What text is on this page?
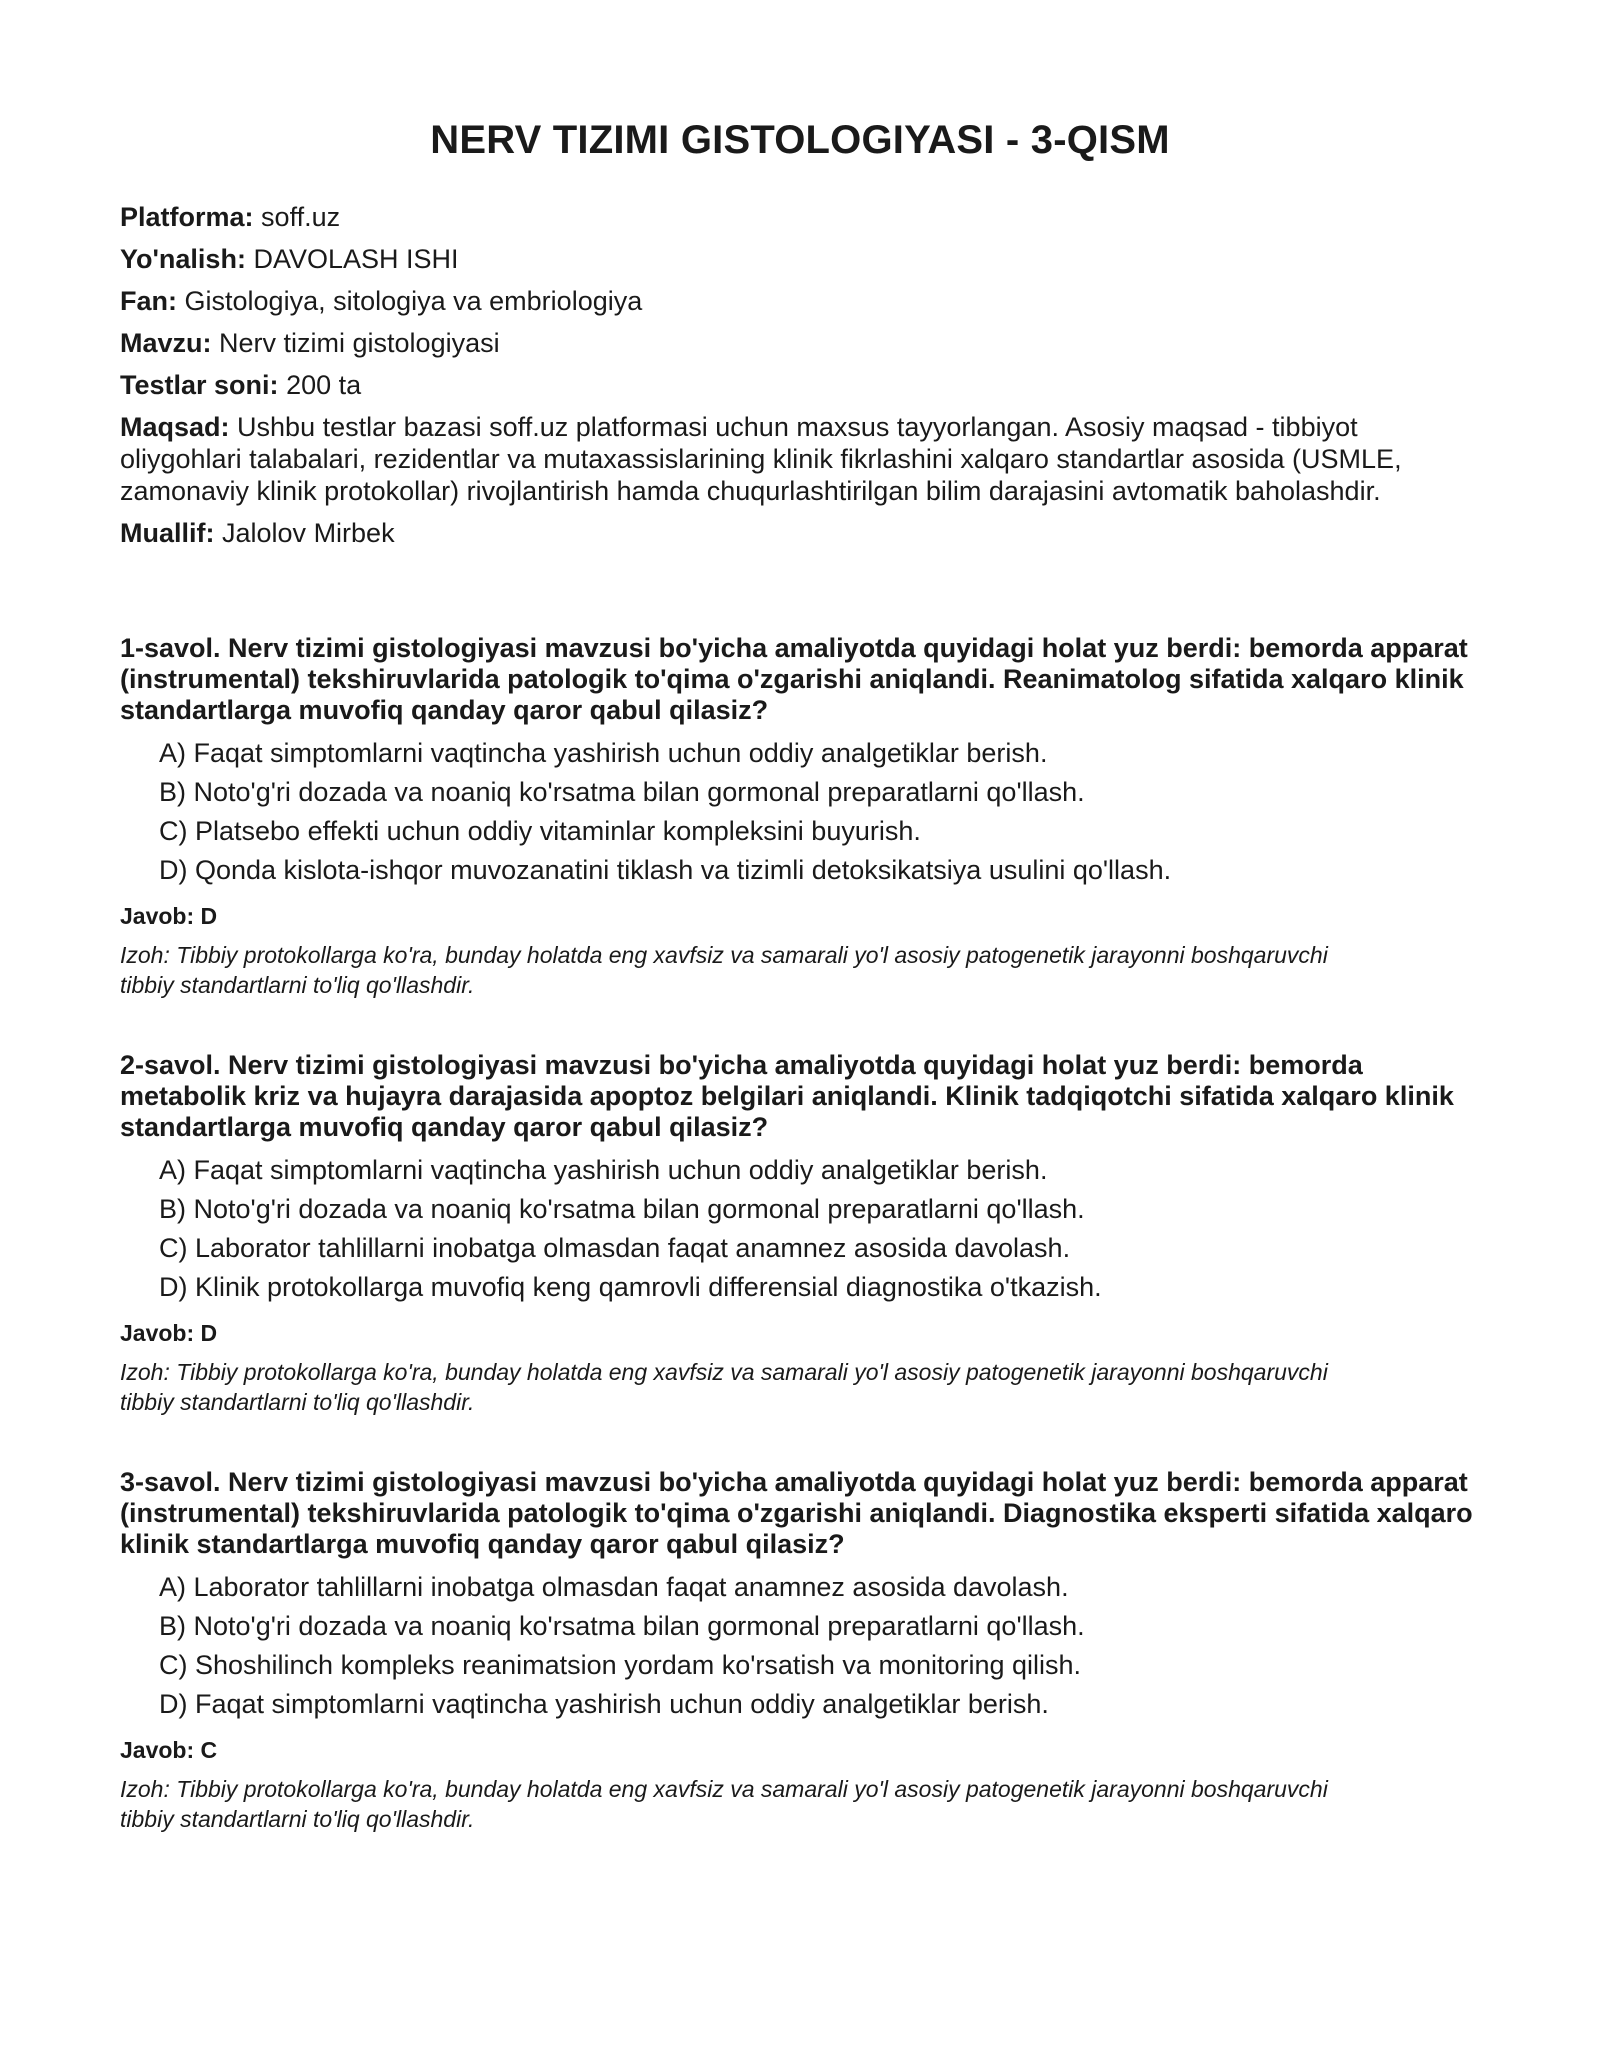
NERV TIZIMI GISTOLOGIYASI - 3-QISM
Platforma: soff.uz
Yo'nalish: DAVOLASH ISHI
Fan: Gistologiya, sitologiya va embriologiya
Mavzu: Nerv tizimi gistologiyasi
Testlar soni: 200 ta
Maqsad: Ushbu testlar bazasi soff.uz platformasi uchun maxsus tayyorlangan. Asosiy maqsad - tibbiyot oliygohlari talabalari, rezidentlar va mutaxassislarining klinik fikrlashini xalqaro standartlar asosida (USMLE, zamonaviy klinik protokollar) rivojlantirish hamda chuqurlashtirilgan bilim darajasini avtomatik baholashdir.
Muallif: Jalolov Mirbek
1-savol. Nerv tizimi gistologiyasi mavzusi bo'yicha amaliyotda quyidagi holat yuz berdi: bemorda apparat (instrumental) tekshiruvlarida patologik to'qima o'zgarishi aniqlandi. Reanimatolog sifatida xalqaro klinik standartlarga muvofiq qanday qaror qabul qilasiz?
A) Faqat simptomlarni vaqtincha yashirish uchun oddiy analgetiklar berish.
B) Noto'g'ri dozada va noaniq ko'rsatma bilan gormonal preparatlarni qo'llash.
C) Platsebo effekti uchun oddiy vitaminlar kompleksini buyurish.
D) Qonda kislota-ishqor muvozanatini tiklash va tizimli detoksikatsiya usulini qo'llash.
Javob: D
Izoh: Tibbiy protokollarga ko'ra, bunday holatda eng xavfsiz va samarali yo'l asosiy patogenetik jarayonni boshqaruvchi tibbiy standartlarni to'liq qo'llashdir.
2-savol. Nerv tizimi gistologiyasi mavzusi bo'yicha amaliyotda quyidagi holat yuz berdi: bemorda metabolik kriz va hujayra darajasida apoptoz belgilari aniqlandi. Klinik tadqiqotchi sifatida xalqaro klinik standartlarga muvofiq qanday qaror qabul qilasiz?
A) Faqat simptomlarni vaqtincha yashirish uchun oddiy analgetiklar berish.
B) Noto'g'ri dozada va noaniq ko'rsatma bilan gormonal preparatlarni qo'llash.
C) Laborator tahlillarni inobatga olmasdan faqat anamnez asosida davolash.
D) Klinik protokollarga muvofiq keng qamrovli differensial diagnostika o'tkazish.
Javob: D
Izoh: Tibbiy protokollarga ko'ra, bunday holatda eng xavfsiz va samarali yo'l asosiy patogenetik jarayonni boshqaruvchi tibbiy standartlarni to'liq qo'llashdir.
3-savol. Nerv tizimi gistologiyasi mavzusi bo'yicha amaliyotda quyidagi holat yuz berdi: bemorda apparat (instrumental) tekshiruvlarida patologik to'qima o'zgarishi aniqlandi. Diagnostika eksperti sifatida xalqaro klinik standartlarga muvofiq qanday qaror qabul qilasiz?
A) Laborator tahlillarni inobatga olmasdan faqat anamnez asosida davolash.
B) Noto'g'ri dozada va noaniq ko'rsatma bilan gormonal preparatlarni qo'llash.
C) Shoshilinch kompleks reanimatsion yordam ko'rsatish va monitoring qilish.
D) Faqat simptomlarni vaqtincha yashirish uchun oddiy analgetiklar berish.
Javob: C
Izoh: Tibbiy protokollarga ko'ra, bunday holatda eng xavfsiz va samarali yo'l asosiy patogenetik jarayonni boshqaruvchi tibbiy standartlarni to'liq qo'llashdir.
